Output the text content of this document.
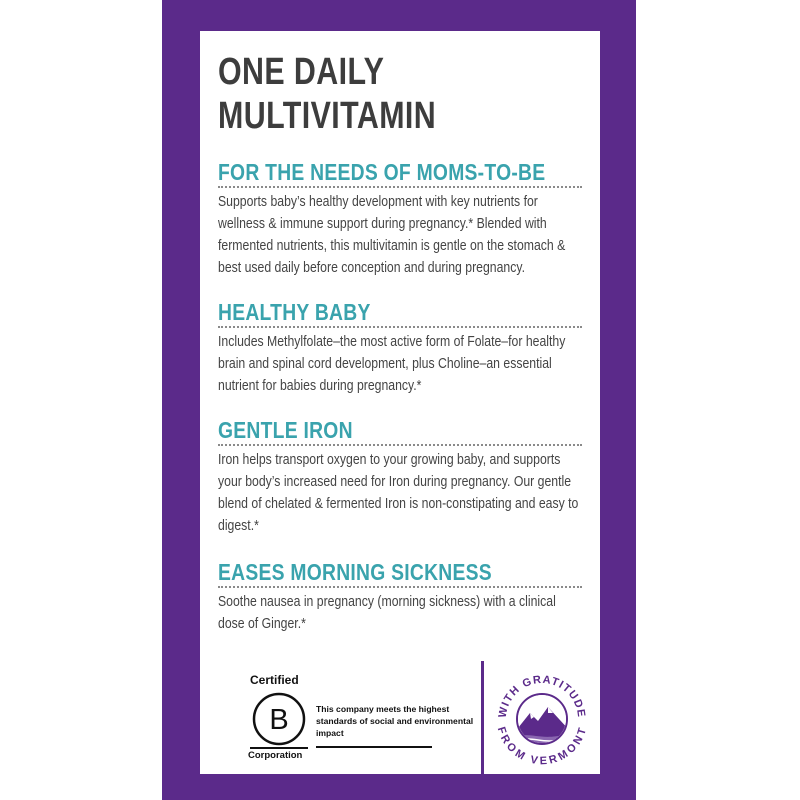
ONE DAILY
MULTIVITAMIN
FOR THE NEEDS OF MOMS-TO-BE

Supports baby’s healthy development with key nutrients for wellness & immune support during pregnancy.* Blended with fermented nutrients, this multivitamin is gentle on the stomach & best used daily before conception and during pregnancy.

HEALTHY BABY

Includes Methylfolate–the most active form of Folate–for healthy brain and spinal cord development, plus Choline–an essential nutrient for babies during pregnancy.*

GENTLE IRON

Iron helps transport oxygen to your growing baby, and supports your body’s increased need for Iron during pregnancy. Our gentle blend of chelated & fermented Iron is non-constipating and easy to digest.*

EASES MORNING SICKNESS

Soothe nausea in pregnancy (morning sickness) with a clinical dose of Ginger.*

Certified
B
Corporation
This company meets the highest standards of social and environmental impact
WITH GRATITUDE
FROM VERMONT
